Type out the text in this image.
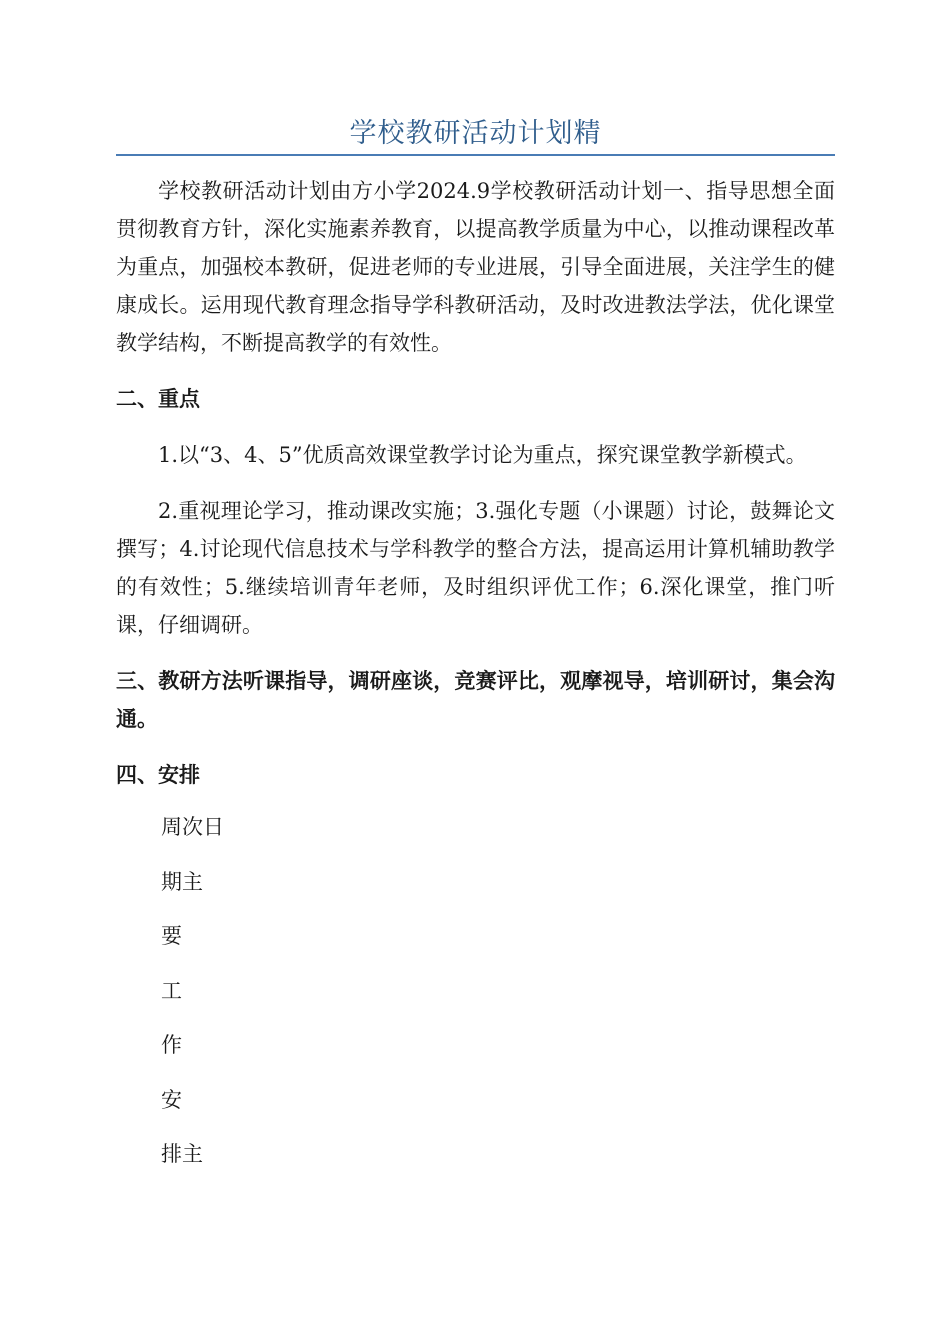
学校教研活动计划精

学校教研活动计划由方小学2024.9学校教研活动计划一、指导思想全面贯彻教育方针，深化实施素养教育，以提高教学质量为中心，以推动课程改革为重点，加强校本教研，促进老师的专业进展，引导全面进展，关注学生的健康成长。运用现代教育理念指导学科教研活动，及时改进教法学法，优化课堂教学结构，不断提高教学的有效性。

二、重点

1.以“3、4、5”优质高效课堂教学讨论为重点，探究课堂教学新模式。

2.重视理论学习，推动课改实施；3.强化专题（小课题）讨论，鼓舞论文撰写；4.讨论现代信息技术与学科教学的整合方法，提高运用计算机辅助教学的有效性；5.继续培训青年老师，及时组织评优工作；6.深化课堂，推门听课，仔细调研。

三、教研方法听课指导，调研座谈，竞赛评比，观摩视导，培训研讨，集会沟通。

四、安排

周次日
期主
要
工
作
安
排主
